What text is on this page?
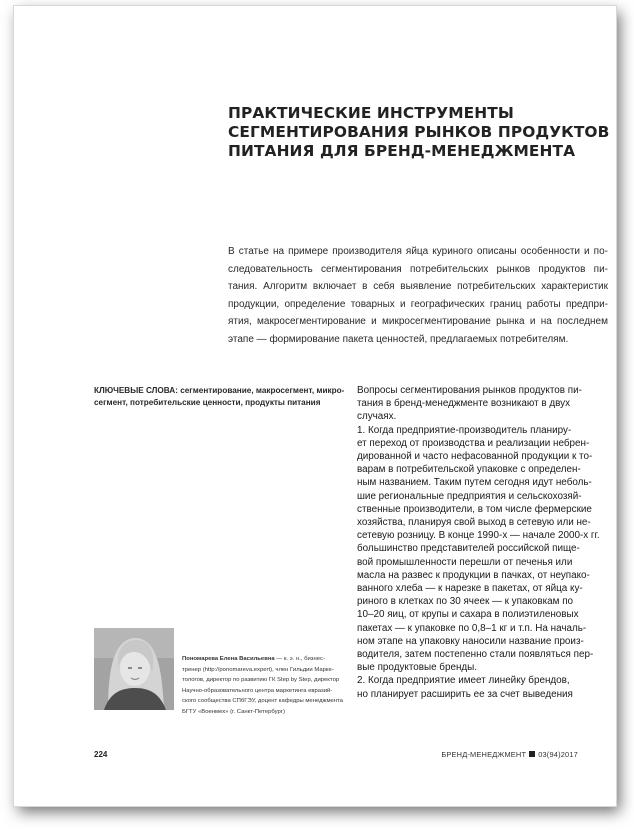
ПРАКТИЧЕСКИЕ ИНСТРУМЕНТЫ
СЕГМЕНТИРОВАНИЯ РЫНКОВ ПРОДУКТОВ
ПИТАНИЯ ДЛЯ БРЕНД-МЕНЕДЖМЕНТА

В статье на примере производителя яйца куриного описаны особенности и по-
следовательность сегментирования потребительских рынков продуктов пи-
тания. Алгоритм включает в себя выявление потребительских характеристик
продукции, определение товарных и географических границ работы предпри-
ятия, макросегментирование и микросегментирование рынка и на последнем
этапе — формирование пакета ценностей, предлагаемых потребителям.

КЛЮЧЕВЫЕ СЛОВА: сегментирование, макросегмент, микро-
сегмент, потребительские ценности, продукты питания

Вопросы сегментирования рынков продуктов пи-
тания в бренд-менеджменте возникают в двух
случаях.
1. Когда предприятие-производитель планиру-
ет переход от производства и реализации небрен-
дированной и часто нефасованной продукции к то-
варам в потребительской упаковке с определен-
ным названием. Таким путем сегодня идут неболь-
шие региональные предприятия и сельскохозяй-
ственные производители, в том числе фермерские
хозяйства, планируя свой выход в сетевую или не-
сетевую розницу. В конце 1990-х — начале 2000-х гг.
большинство представителей российской пище-
вой промышленности перешли от печенья или
масла на развес к продукции в пачках, от неупако-
ванного хлеба — к нарезке в пакетах, от яйца ку-
риного в клетках по 30 ячеек — к упаковкам по
10–20 яиц, от крупы и сахара в полиэтиленовых
пакетах — к упаковке по 0,8–1 кг и т.п. На началь-
ном этапе на упаковку наносили название произ-
водителя, затем постепенно стали появляться пер-
вые продуктовые бренды.
2. Когда предприятие имеет линейку брендов,
но планирует расширить ее за счет выведения

Пономарева Елена Васильевна — к. э. н., бизнес-
тренер (http://ponomareva.expert), член Гильдии Марке-
тологов, директор по развитию ГК Step by Step, директор
Научно-образовательного центра маркетинга евразий-
ского сообщества СПбГЭУ, доцент кафедры менеджмента
БГТУ «Военмех» (г. Санкт-Петербург)

224	БРЕНД-МЕНЕДЖМЕНТ 03(94)2017
